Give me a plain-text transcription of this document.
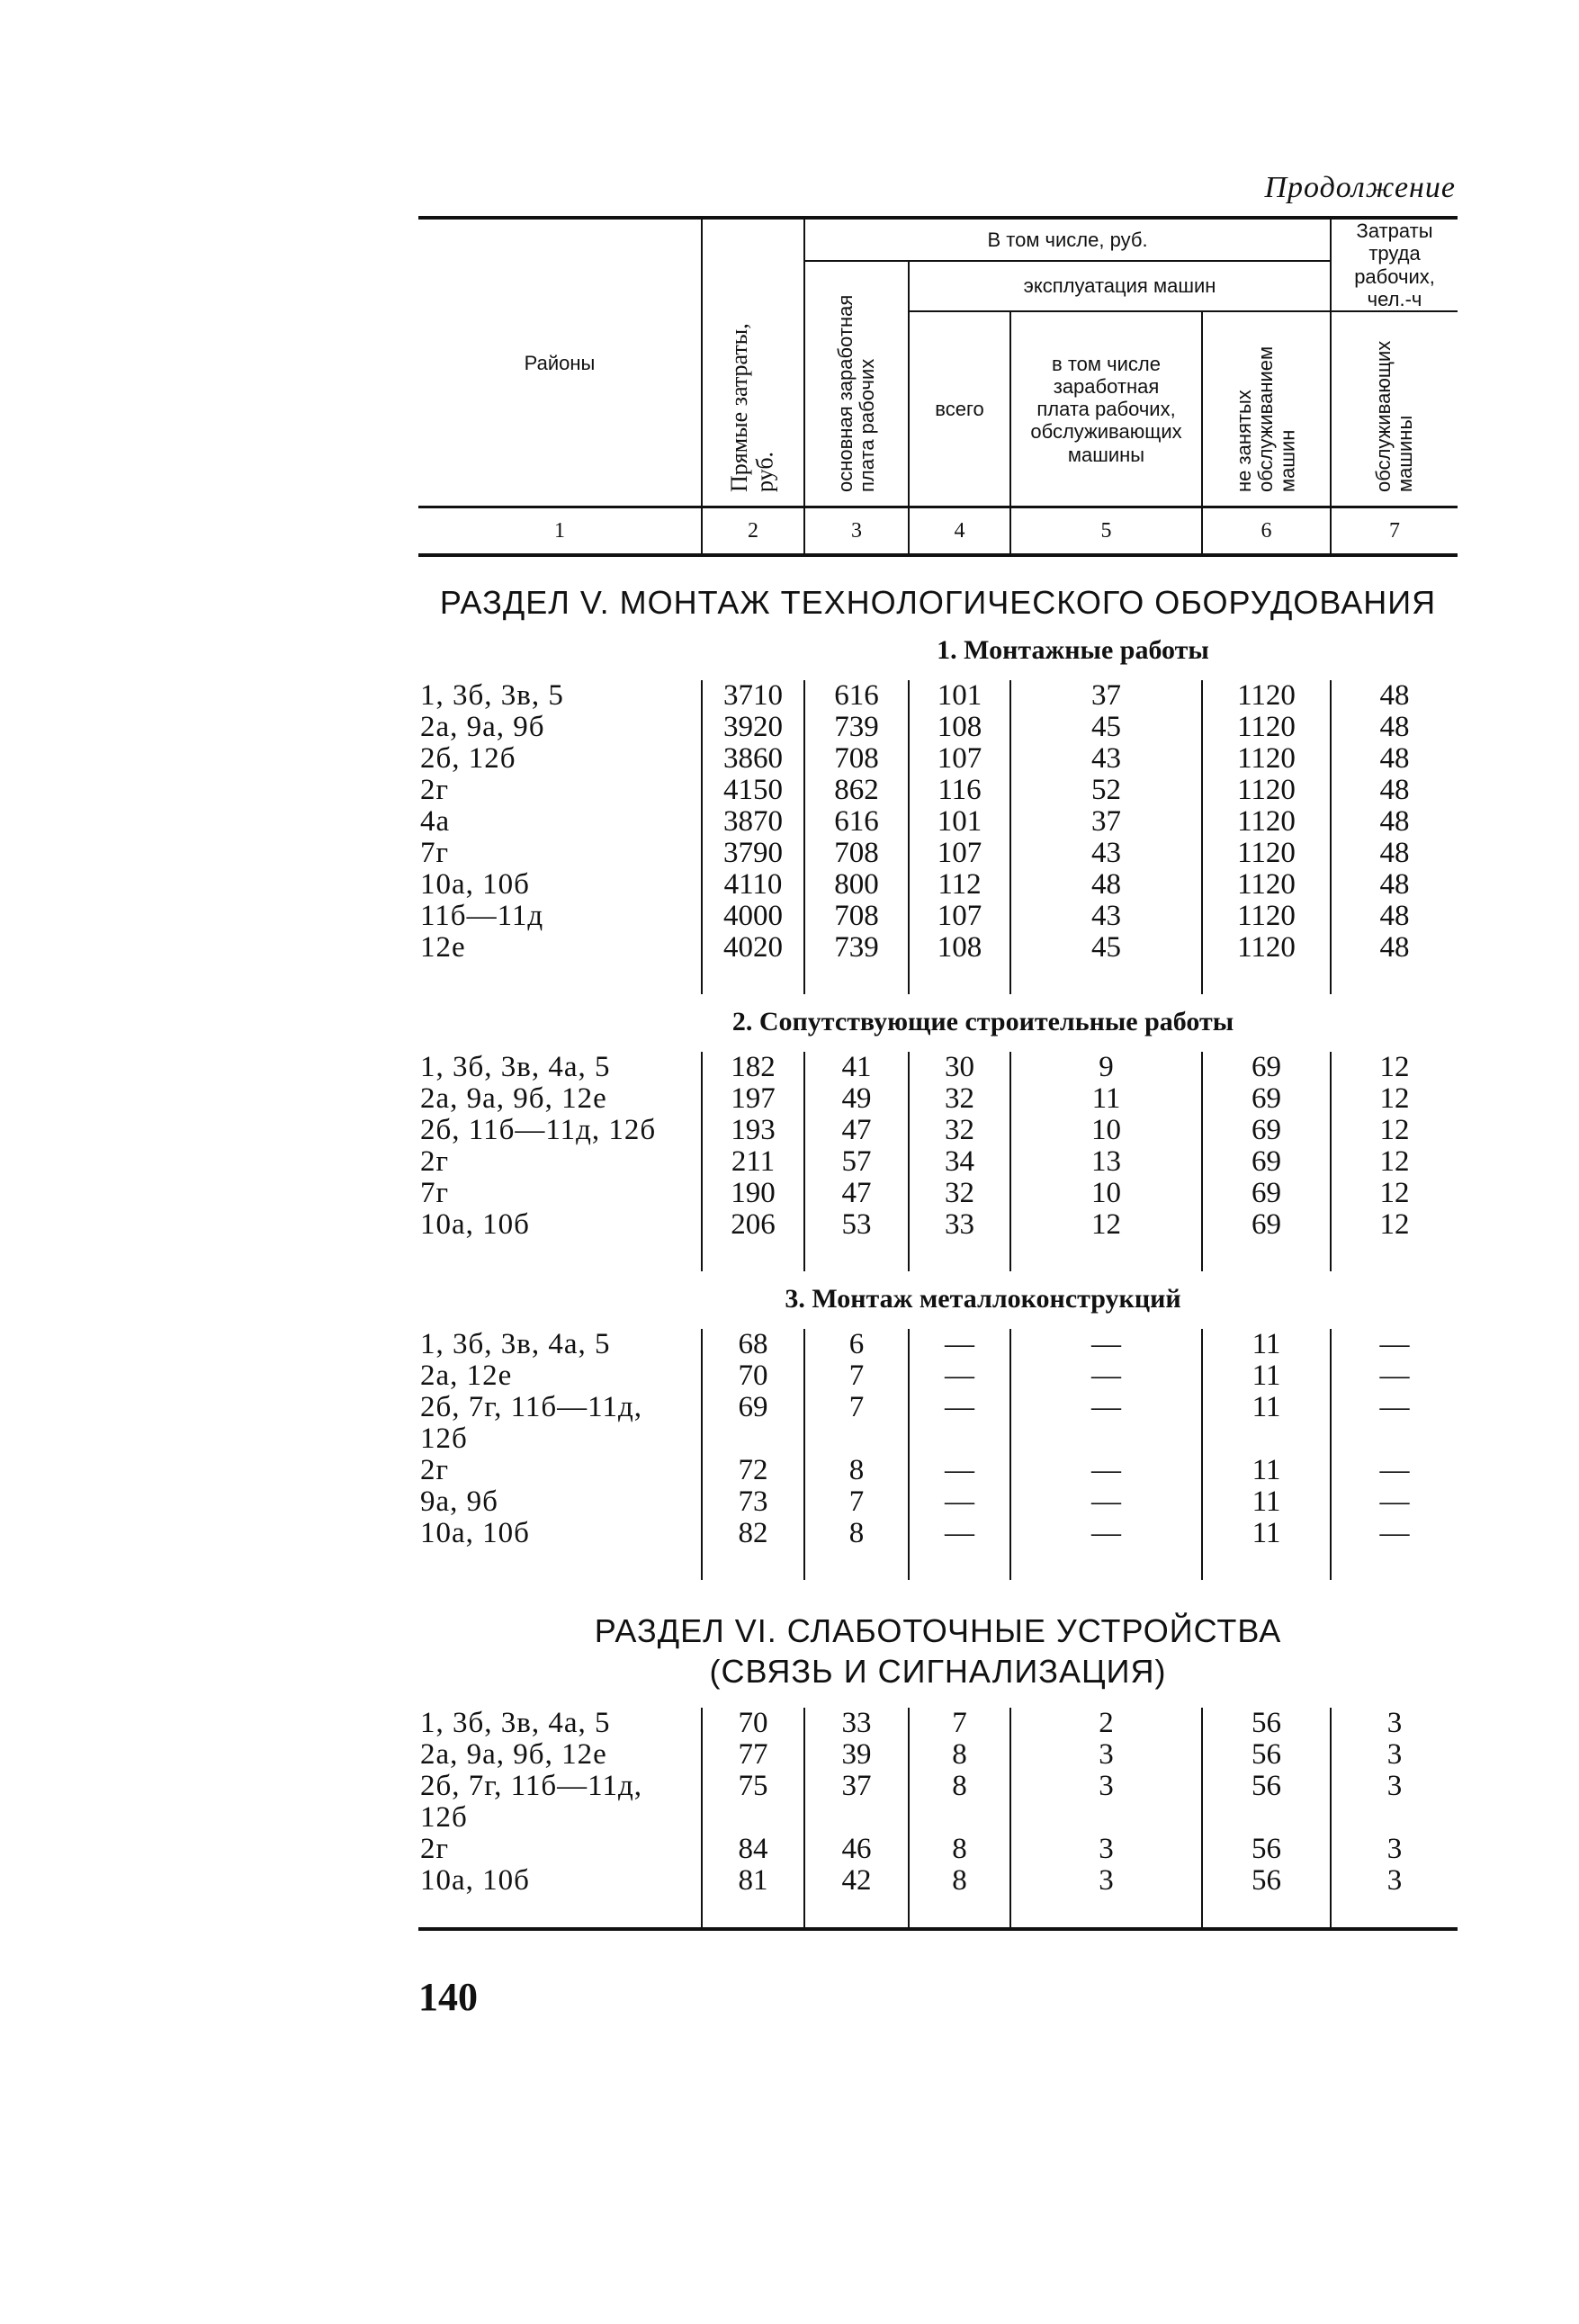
Продолжение
Районы	Прямые затраты, руб.	В том числе, руб.				Затраты труда рабочих, чел.-ч
		основная заработная плата рабочих	эксплуатация машин			
			всего	в том числе заработная плата рабочих, обслуживающих машины	не занятых обслуживанием машин	обслуживающих машины
1	2	3	4	5	6	7
РАЗДЕЛ V. МОНТАЖ ТЕХНОЛОГИЧЕСКОГО ОБОРУДОВАНИЯ
1. Монтажные работы
1, 3б, 3в, 5	3710	616	101	37	1120	48
2а, 9а, 9б	3920	739	108	45	1120	48
2б, 12б	3860	708	107	43	1120	48
2г	4150	862	116	52	1120	48
4а	3870	616	101	37	1120	48
7г	3790	708	107	43	1120	48
10а, 10б	4110	800	112	48	1120	48
11б—11д	4000	708	107	43	1120	48
12е	4020	739	108	45	1120	48

2. Сопутствующие строительные работы
1, 3б, 3в, 4а, 5	182	41	30	9	69	12
2а, 9а, 9б, 12е	197	49	32	11	69	12
2б, 11б—11д, 12б	193	47	32	10	69	12
2г	211	57	34	13	69	12
7г	190	47	32	10	69	12
10а, 10б	206	53	33	12	69	12

3. Монтаж металлоконструкций
1, 3б, 3в, 4а, 5	68	6	—	—	11	—
2а, 12е	70	7	—	—	11	—
2б, 7г, 11б—11д,	69	7	—	—	11	—
12б						
2г	72	8	—	—	11	—
9а, 9б	73	7	—	—	11	—
10а, 10б	82	8	—	—	11	—

РАЗДЕЛ VI. СЛАБОТОЧНЫЕ УСТРОЙСТВА
(СВЯЗЬ И СИГНАЛИЗАЦИЯ)
1, 3б, 3в, 4а, 5	70	33	7	2	56	3
2а, 9а, 9б, 12е	77	39	8	3	56	3
2б, 7г, 11б—11д,	75	37	8	3	56	3
12б						
2г	84	46	8	3	56	3
10а, 10б	81	42	8	3	56	3

140
